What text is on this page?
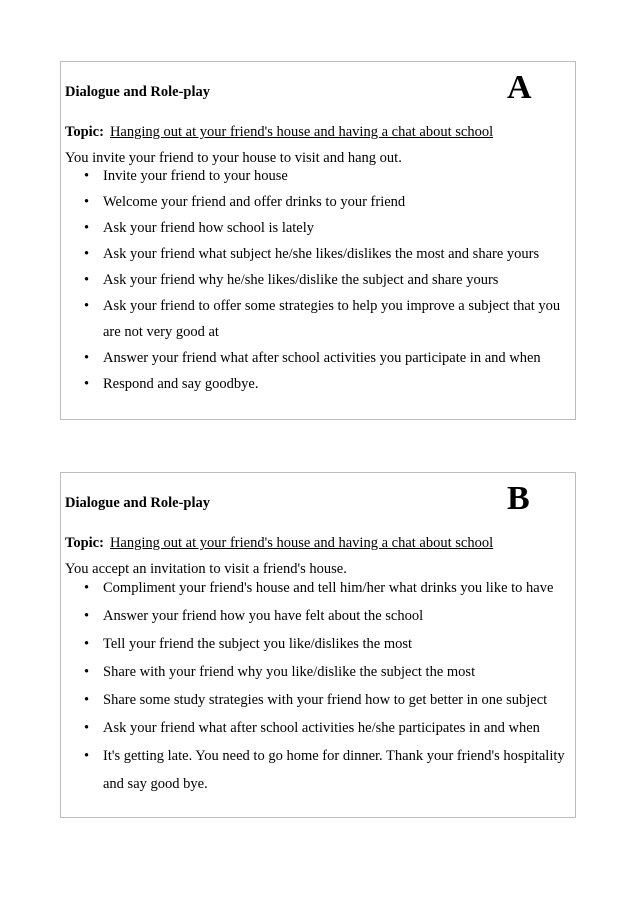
Dialogue and Role-play	A
Topic: Hanging out at your friend's house and having a chat about school
You invite your friend to your house to visit and hang out.
• Invite your friend to your house
• Welcome your friend and offer drinks to your friend
• Ask your friend how school is lately
• Ask your friend what subject he/she likes/dislikes the most and share yours
• Ask your friend why he/she likes/dislike the subject and share yours
• Ask your friend to offer some strategies to help you improve a subject that you are not very good at
• Answer your friend what after school activities you participate in and when
• Respond and say goodbye.
Dialogue and Role-play	B
Topic: Hanging out at your friend's house and having a chat about school
You accept an invitation to visit a friend's house.
• Compliment your friend's house and tell him/her what drinks you like to have
• Answer your friend how you have felt about the school
• Tell your friend the subject you like/dislikes the most
• Share with your friend why you like/dislike the subject the most
• Share some study strategies with your friend how to get better in one subject
• Ask your friend what after school activities he/she participates in and when
• It's getting late. You need to go home for dinner. Thank your friend's hospitality and say good bye.
